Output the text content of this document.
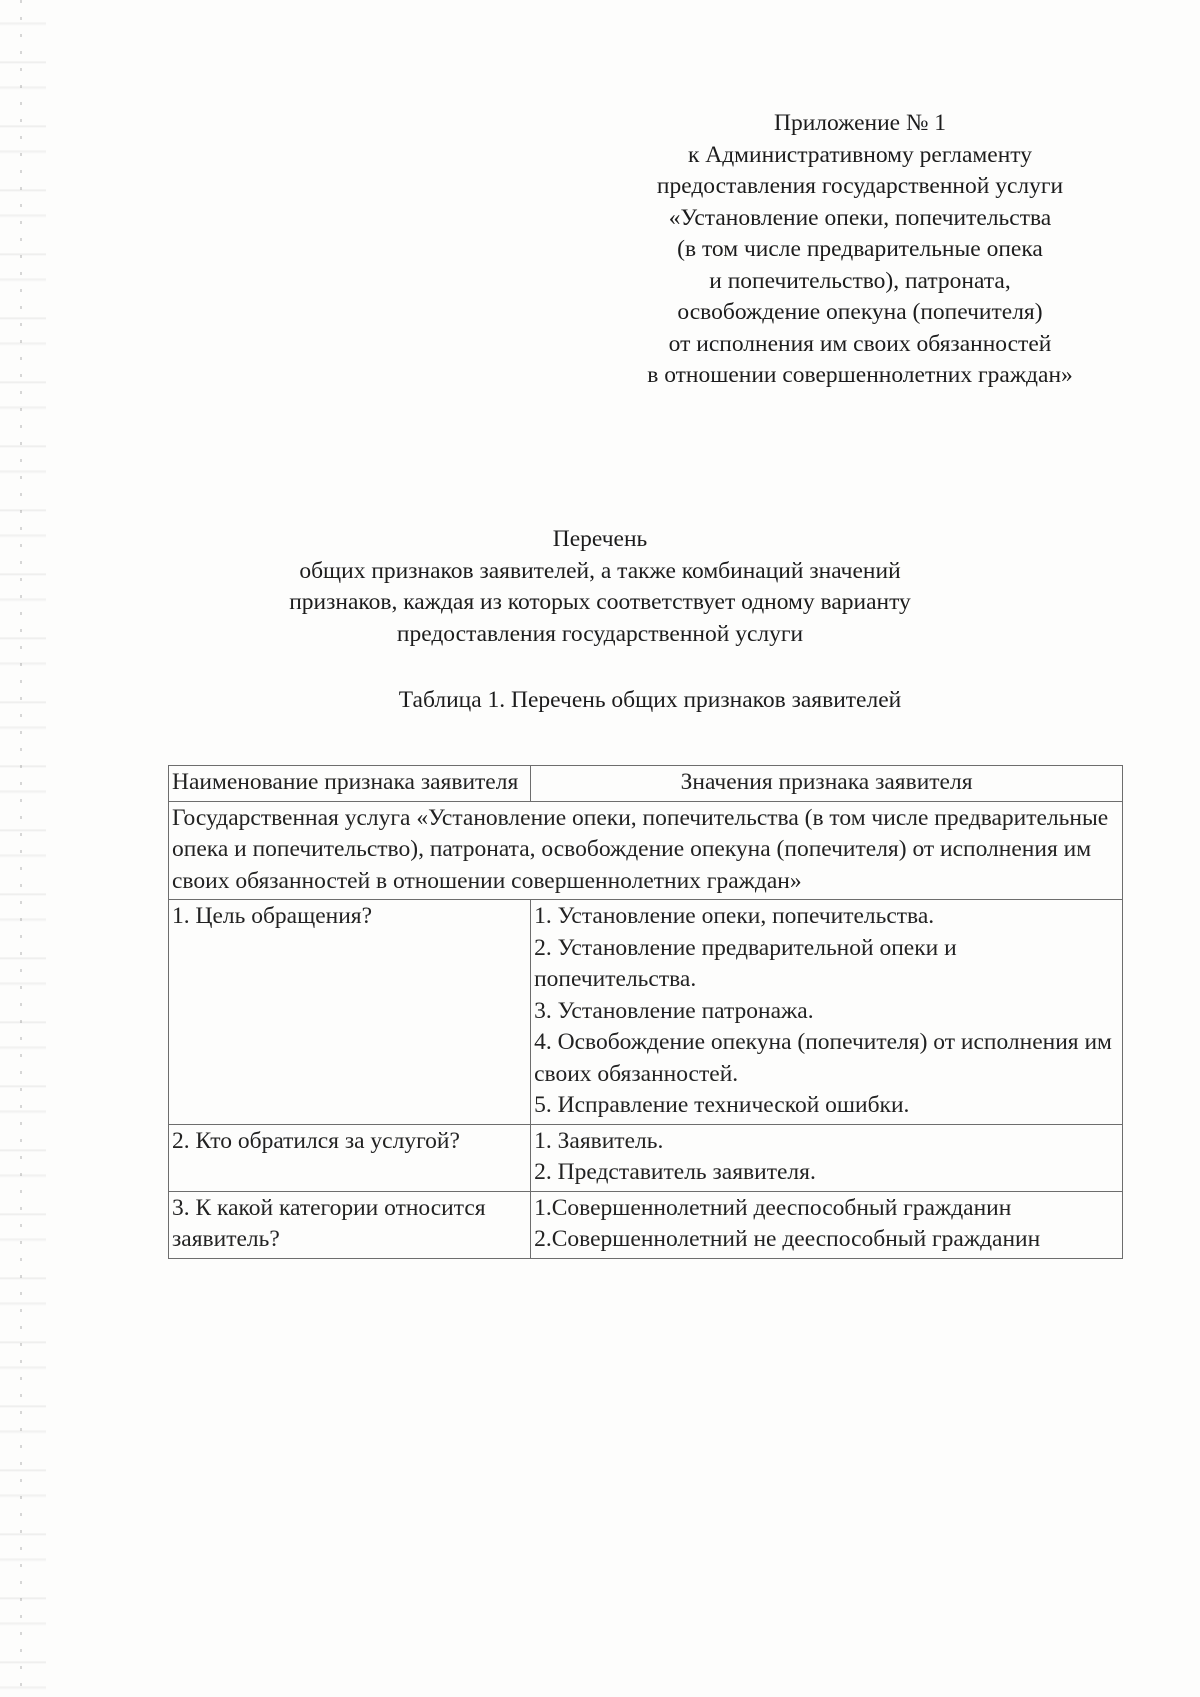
Приложение № 1
к Административному регламенту
предоставления государственной услуги
«Установление опеки, попечительства
(в том числе предварительные опека
и попечительство), патроната,
освобождение опекуна (попечителя)
от исполнения им своих обязанностей
в отношении совершеннолетних граждан»
Перечень
общих признаков заявителей, а также комбинаций значений
признаков, каждая из которых соответствует одному варианту
предоставления государственной услуги
Таблица 1. Перечень общих признаков заявителей
Наименование признака заявителя	Значения признака заявителя
Государственная услуга «Установление опеки, попечительства (в том числе предварительные опека и попечительство), патроната, освобождение опекуна (попечителя) от исполнения им своих обязанностей в отношении совершеннолетних граждан»	
1. Цель обращения?	1. Установление опеки, попечительства.
2. Установление предварительной опеки и попечительства.
3. Установление патронажа.
4. Освобождение опекуна (попечителя) от исполнения им своих обязанностей.
5. Исправление технической ошибки.

2. Кто обратился за услугой?	1. Заявитель.
2. Представитель заявителя.

3. К какой категории относится заявитель?	1.Совершеннолетний дееспособный гражданин
2.Совершеннолетний не дееспособный гражданин
